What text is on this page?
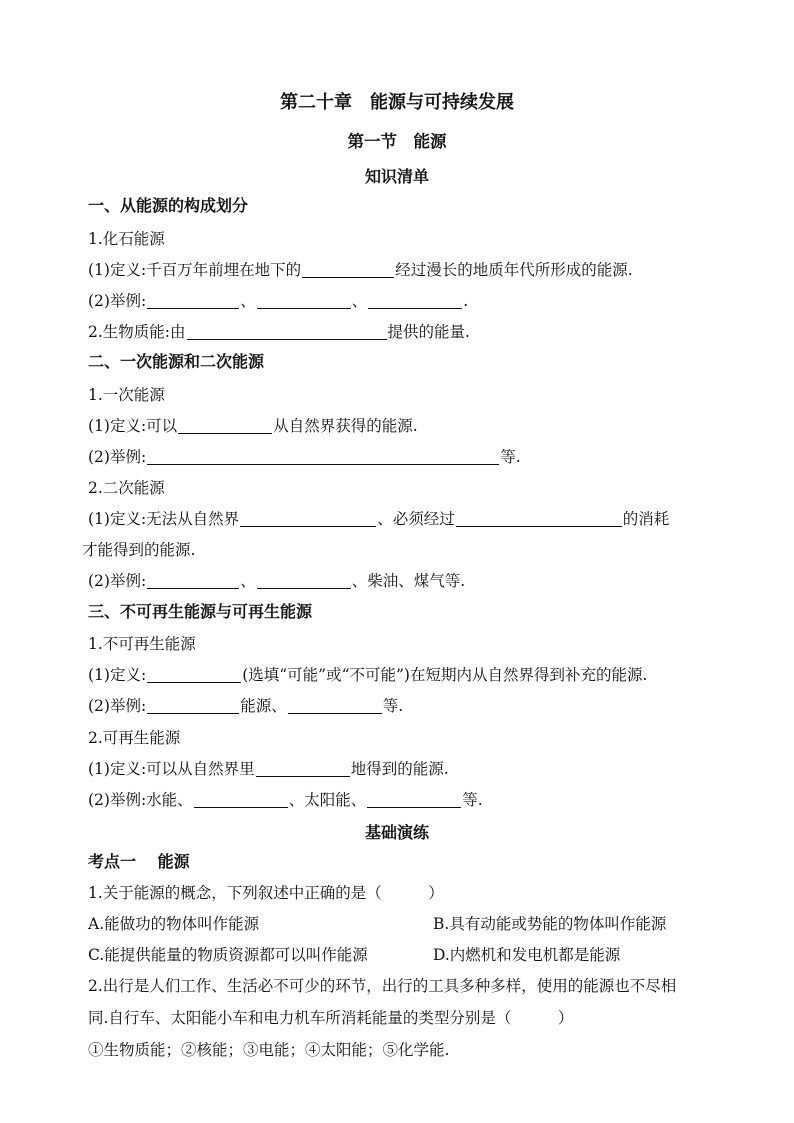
第二十章　能源与可持续发展
第一节　能源
知识清单
一、从能源的构成划分
1.化石能源
(1)定义:千百万年前埋在地下的	经过漫长的地质年代所形成的能源.
(2)举例:	、	、	.
2.生物质能:由	提供的能量.
二、一次能源和二次能源
1.一次能源
(1)定义:可以	从自然界获得的能源.
(2)举例:	等.
2.二次能源
(1)定义:无法从自然界	、必须经过	的消耗
才能得到的能源.
(2)举例:	、	、柴油、煤气等.
三、不可再生能源与可再生能源
1.不可再生能源
(1)定义:	(选填“可能”或“不可能”)在短期内从自然界得到补充的能源.
(2)举例:	能源、	等.
2.可再生能源
(1)定义:可以从自然界里	地得到的能源.
(2)举例:水能、	、太阳能、	等.
基础演练
考点一　 能源
1.关于能源的概念，下列叙述中正确的是（　　　）
A.能做功的物体叫作能源	B.具有动能或势能的物体叫作能源
C.能提供能量的物质资源都可以叫作能源	D.内燃机和发电机都是能源
2.出行是人们工作、生活必不可少的环节，出行的工具多种多样，使用的能源也不尽相
同.自行车、太阳能小车和电力机车所消耗能量的类型分别是（　　　）
①生物质能；②核能；③电能；④太阳能；⑤化学能.
